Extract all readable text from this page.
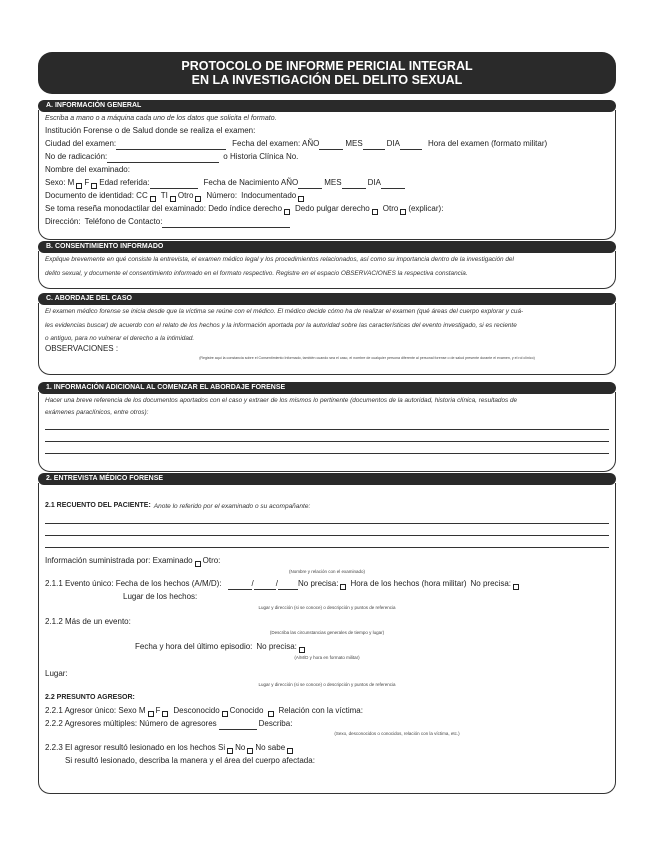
PROTOCOLO DE INFORME PERICIAL INTEGRAL
EN LA INVESTIGACIÓN DEL DELITO SEXUAL
A. INFORMACIÓN GENERAL
Escriba a mano o a máquina cada uno de los datos que solicita el formato.
Institución Forense o de Salud donde se realiza el examen:
Ciudad del examen:	Fecha del examen: AÑO	MES	DIA	Hora del examen (formato militar)
No de radicación:	o Historia Clínica No.
Nombre del examinado:
Sexo: M F Edad referida:	Fecha de Nacimiento AÑO	MES	DIA
Documento de identidad: CC TI Otro Número: Indocumentado
Se toma reseña monodactilar del examinado: Dedo índice derecho Dedo pulgar derecho Otro (explicar):
Dirección: Teléfono de Contacto:
B. CONSENTIMIENTO INFORMADO
Explique brevemente en qué consiste la entrevista, el examen médico legal y los procedimientos relacionados, así como su importancia dentro de la investigación del
delito sexual, y documente el consentimiento informado en el formato respectivo. Registre en el espacio OBSERVACIONES la respectiva constancia.
C. ABORDAJE DEL CASO
El examen médico forense se inicia desde que la víctima se reúne con el médico. El médico decide cómo ha de realizar el examen (qué áreas del cuerpo explorar y cuá-
les evidencias buscar) de acuerdo con el relato de los hechos y la información aportada por la autoridad sobre las características del evento investigado, si es reciente
o antiguo, para no vulnerar el derecho a la intimidad.
OBSERVACIONES :
(Registre aquí la constancia sobre el Consentimiento Informado, también cuando sea el caso, el nombre de cualquier persona diferente al personal forense o de salud presente durante el examen, y el rol clínico)
1. INFORMACIÓN ADICIONAL AL COMENZAR EL ABORDAJE FORENSE
Hacer una breve referencia de los documentos aportados con el caso y extraer de los mismos lo pertinente (documentos de la autoridad, historia clínica, resultados de
exámenes paraclínicos, entre otros):
2. ENTREVISTA MÉDICO FORENSE
2.1 RECUENTO DEL PACIENTE: Anote lo referido por el examinado o su acompañante:
Información suministrada por: Examinado Otro:
(Nombre y relación con el examinado)
2.1.1 Evento único: Fecha de los hechos (A/M/D):	/	/	No precisa: Hora de los hechos (hora militar) No precisa:
Lugar de los hechos:
Lugar y dirección (si se conoce) o descripción y puntos de referencia
2.1.2 Más de un evento:
(Describa las circunstancias generales de tiempo y lugar)
Fecha y hora del último episodio: No precisa:
(A/M/D y hora en formato militar)
Lugar:
Lugar y dirección (si se conoce) o descripción y puntos de referencia
2.2 PRESUNTO AGRESOR:
2.2.1 Agresor único: Sexo M F Desconocido Conocido Relación con la víctima:
2.2.2 Agresores múltiples: Número de agresores	Describa:
(Sexo, desconocidos o conocidos, relación con la víctima, etc.)
2.2.3 El agresor resultó lesionado en los hechos Si No No sabe
Si resultó lesionado, describa la manera y el área del cuerpo afectada:
